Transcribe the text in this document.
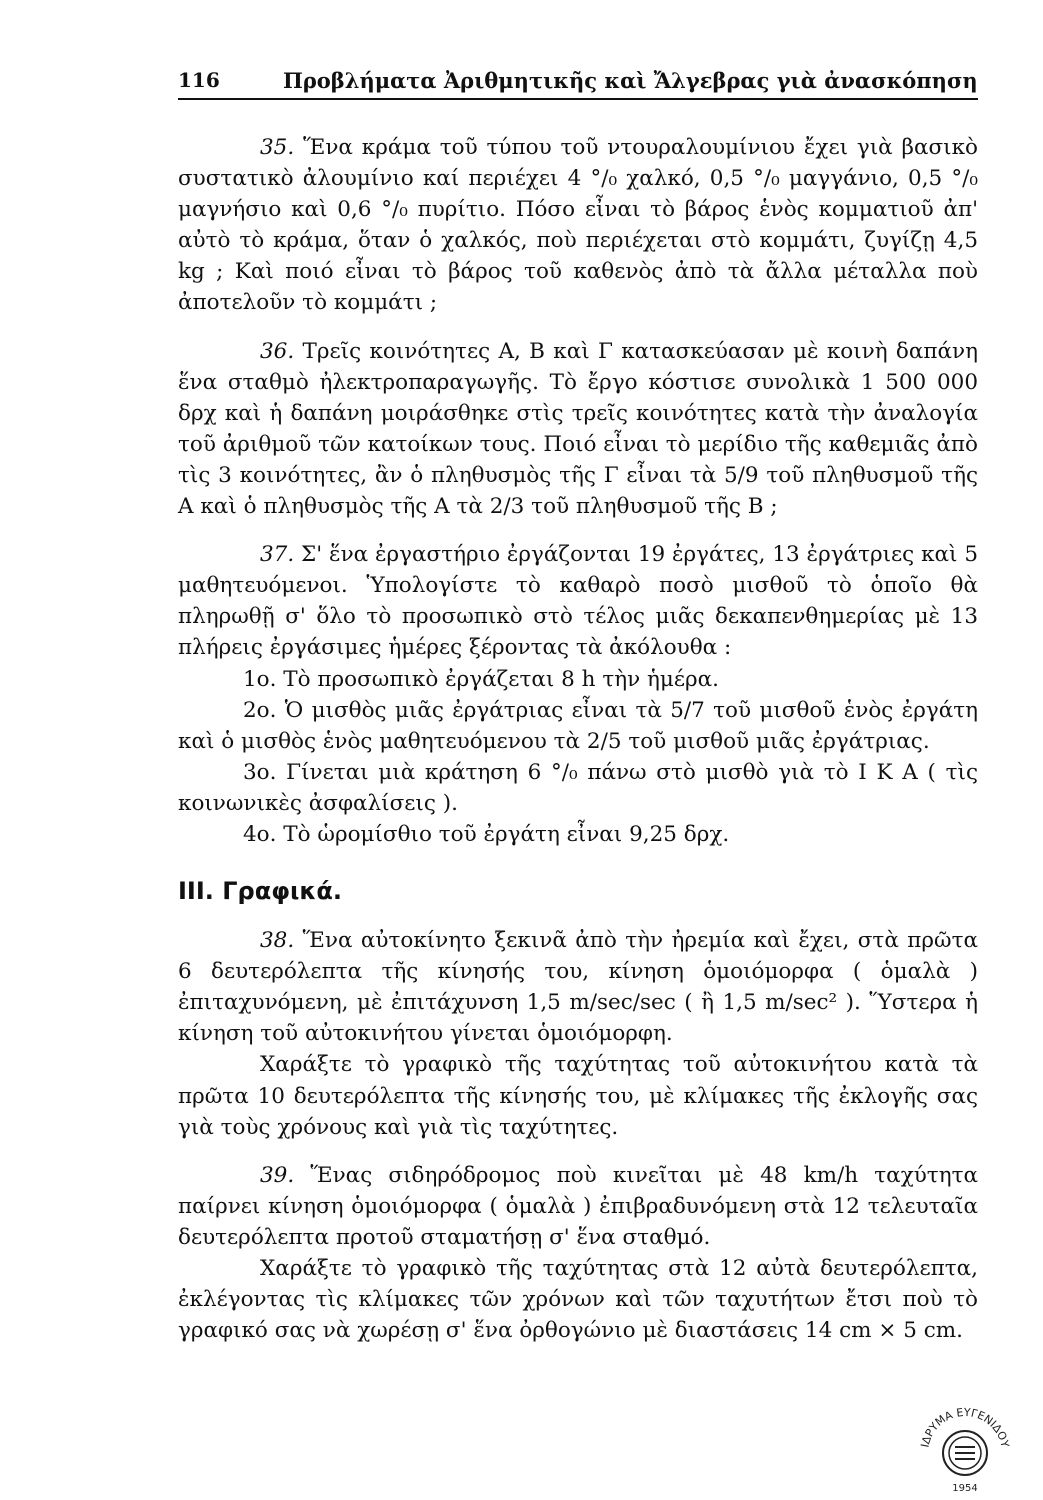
116	Προβλήματα Ἀριθμητικῆς καὶ Ἄλγεβρας γιὰ ἀνασκόπηση

35. Ἕνα κράμα τοῦ τύπου τοῦ ντουραλουμίνιου ἔχει γιὰ βασικὸ συστατικὸ ἀλουμίνιο καί περιέχει 4 °/₀ χαλκό, 0,5 °/₀ μαγγάνιο, 0,5 °/₀ μαγνήσιο καὶ 0,6 °/₀ πυρίτιο. Πόσο εἶναι τὸ βάρος ἑνὸς κομματιοῦ ἀπ' αὐτὸ τὸ κράμα, ὅταν ὁ χαλκός, ποὺ περιέχεται στὸ κομμάτι, ζυγίζῃ 4,5 kg ; Καὶ ποιό εἶναι τὸ βάρος τοῦ καθενὸς ἀπὸ τὰ ἄλλα μέταλλα ποὺ ἀποτελοῦν τὸ κομμάτι ;

36. Τρεῖς κοινότητες Α, Β καὶ Γ κατασκεύασαν μὲ κοινὴ δαπάνη ἕνα σταθμὸ ἠλεκτροπαραγωγῆς. Τὸ ἔργο κόστισε συνολικὰ 1 500 000 δρχ καὶ ἡ δαπάνη μοιράσθηκε στὶς τρεῖς κοινότητες κατὰ τὴν ἀναλογία τοῦ ἀριθμοῦ τῶν κατοίκων τους. Ποιό εἶναι τὸ μερίδιο τῆς καθεμιᾶς ἀπὸ τὶς 3 κοινότητες, ἂν ὁ πληθυσμὸς τῆς Γ εἶναι τὰ 5/9 τοῦ πληθυσμοῦ τῆς Α καὶ ὁ πληθυσμὸς τῆς Α τὰ 2/3 τοῦ πληθυσμοῦ τῆς Β ;

37. Σ' ἕνα ἐργαστήριο ἐργάζονται 19 ἐργάτες, 13 ἐργάτριες καὶ 5 μαθητευόμενοι. Ὑπολογίστε τὸ καθαρὸ ποσὸ μισθοῦ τὸ ὁποῖο θὰ πληρωθῇ σ' ὅλο τὸ προσωπικὸ στὸ τέλος μιᾶς δεκαπενθημερίας μὲ 13 πλήρεις ἐργάσιμες ἡμέρες ξέροντας τὰ ἀκόλουθα :

1ο. Τὸ προσωπικὸ ἐργάζεται 8 h τὴν ἡμέρα.

2ο. Ὁ μισθὸς μιᾶς ἐργάτριας εἶναι τὰ 5/7 τοῦ μισθοῦ ἑνὸς ἐργάτη καὶ ὁ μισθὸς ἑνὸς μαθητευόμενου τὰ 2/5 τοῦ μισθοῦ μιᾶς ἐργάτριας.

3ο. Γίνεται μιὰ κράτηση 6 °/₀ πάνω στὸ μισθὸ γιὰ τὸ Ι Κ Α ( τὶς κοινωνικὲς ἀσφαλίσεις ).

4ο. Τὸ ὡρομίσθιο τοῦ ἐργάτη εἶναι 9,25 δρχ.

III. Γραφικά.

38. Ἕνα αὐτοκίνητο ξεκινᾶ ἀπὸ τὴν ἠρεμία καὶ ἔχει, στὰ πρῶτα 6 δευτερόλεπτα τῆς κίνησής του, κίνηση ὁμοιόμορφα ( ὁμαλὰ ) ἐπιταχυνόμενη, μὲ ἐπιτάχυνση 1,5 m/sec/sec ( ἢ 1,5 m/sec² ). Ὕστερα ἡ κίνηση τοῦ αὐτοκινήτου γίνεται ὁμοιόμορφη.

Χαράξτε τὸ γραφικὸ τῆς ταχύτητας τοῦ αὐτοκινήτου κατὰ τὰ πρῶτα 10 δευτερόλεπτα τῆς κίνησής του, μὲ κλίμακες τῆς ἐκλογῆς σας γιὰ τοὺς χρόνους καὶ γιὰ τὶς ταχύτητες.

39. Ἕνας σιδηρόδρομος ποὺ κινεῖται μὲ 48 km/h ταχύτητα παίρνει κίνηση ὁμοιόμορφα ( ὁμαλὰ ) ἐπιβραδυνόμενη στὰ 12 τελευταῖα δευτερόλεπτα προτοῦ σταματήσῃ σ' ἕνα σταθμό.

Χαράξτε τὸ γραφικὸ τῆς ταχύτητας στὰ 12 αὐτὰ δευτερόλεπτα, ἐκλέγοντας τὶς κλίμακες τῶν χρόνων καὶ τῶν ταχυτήτων ἔτσι ποὺ τὸ γραφικό σας νὰ χωρέσῃ σ' ἕνα ὀρθογώνιο μὲ διαστάσεις 14 cm × 5 cm.

ΙΔΡΥΜΑ ΕΥΓΕΝΙΔΟΥ
1954
